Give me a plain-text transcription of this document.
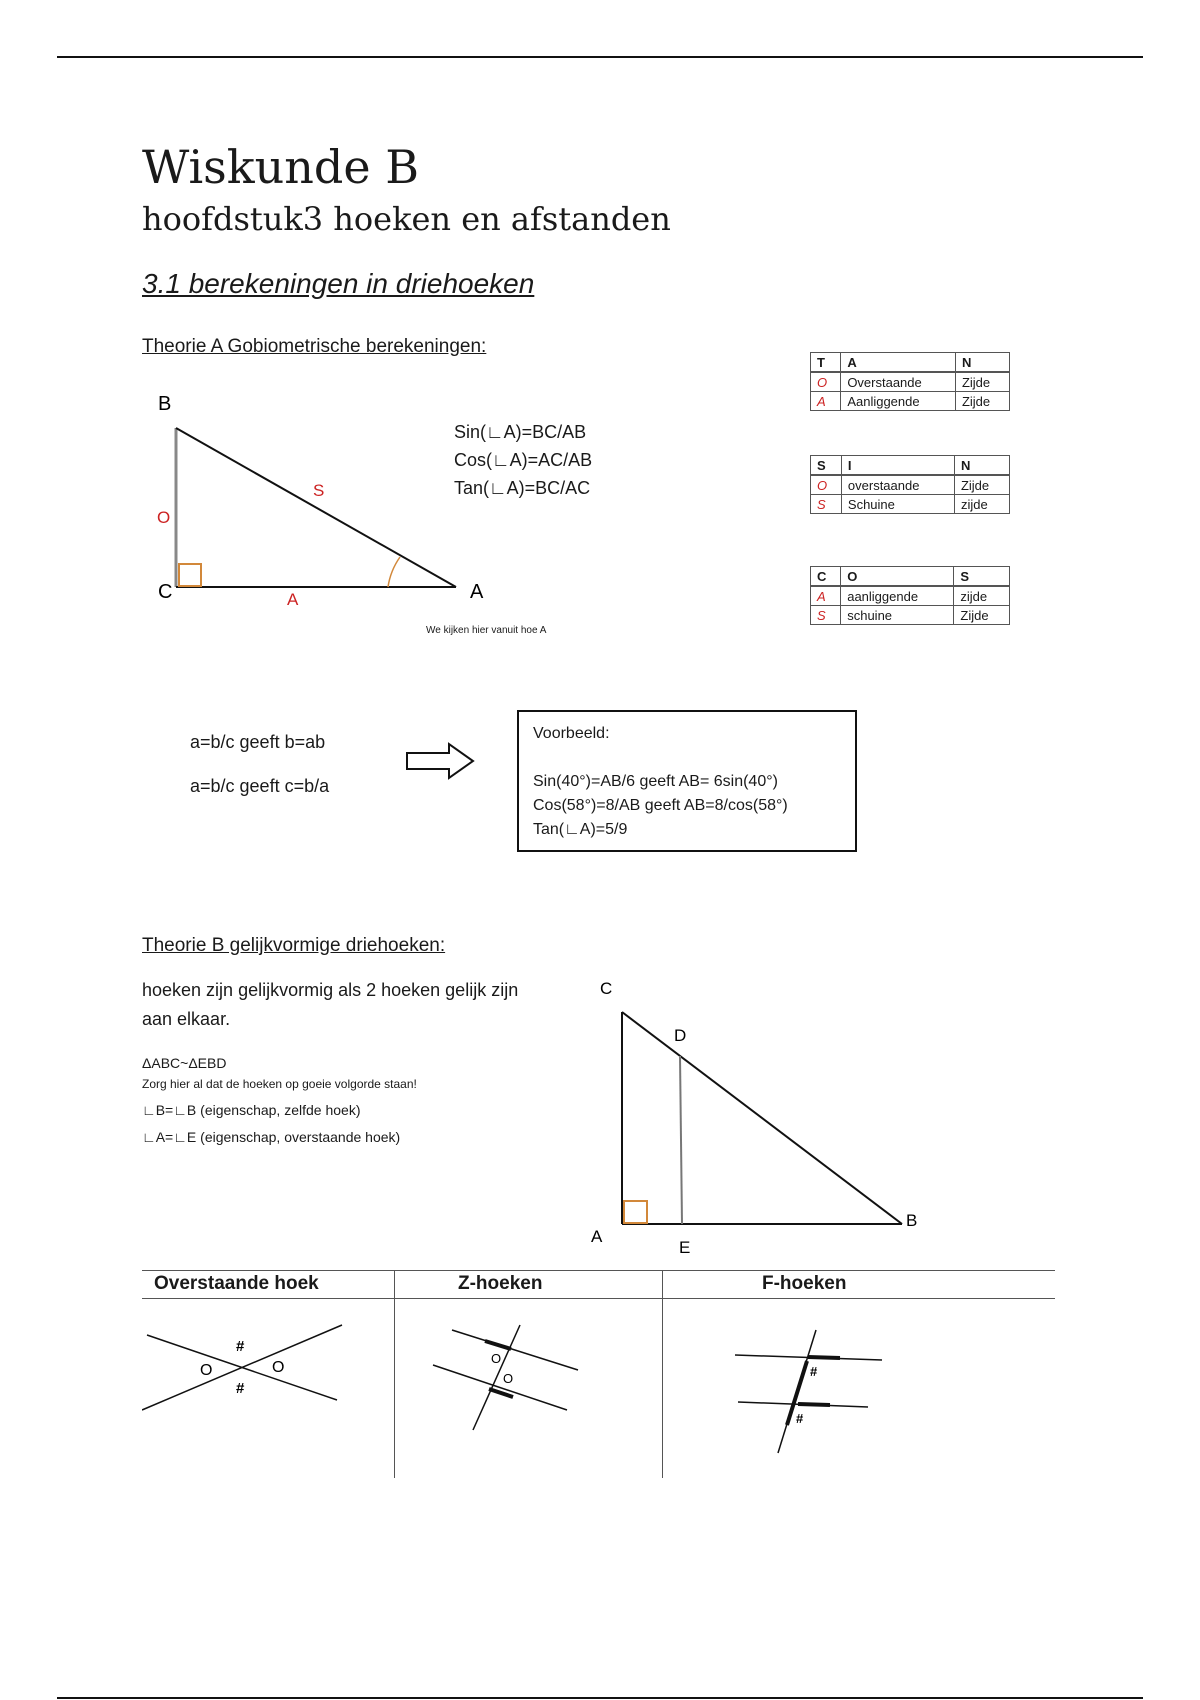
Wiskunde B
hoofdstuk3 hoeken en afstanden
3.1 berekeningen in driehoeken
Theorie A Gobiometrische berekeningen:
B
C	A
O
S
A
Sin(∟A)=BC/AB
Cos(∟A)=AC/AB
Tan(∟A)=BC/AC
We kijken hier vanuit hoe A
T	A	N
O	Overstaande	Zijde
A	Aanliggende	Zijde
S	I	N
O	overstaande	Zijde
S	Schuine	zijde
C	O	S
A	aanliggende	zijde
S	schuine	Zijde
a=b/c geeft b=ab
a=b/c geeft c=b/a
Voorbeeld:
Sin(40°)=AB/6 geeft AB= 6sin(40°)
Cos(58°)=8/AB geeft AB=8/cos(58°)
Tan(∟A)=5/9
Theorie B gelijkvormige driehoeken:
hoeken zijn gelijkvormig als 2 hoeken gelijk zijn
aan elkaar.
ΔABC~ΔEBD
Zorg hier al dat de hoeken op goeie volgorde staan!
∟B=∟B (eigenschap, zelfde hoek)
∟A=∟E (eigenschap, overstaande hoek)
C
D
A
E
B
Overstaande hoek	Z-hoeken	F-hoeken
O	O
#
#
O
O	#
#
